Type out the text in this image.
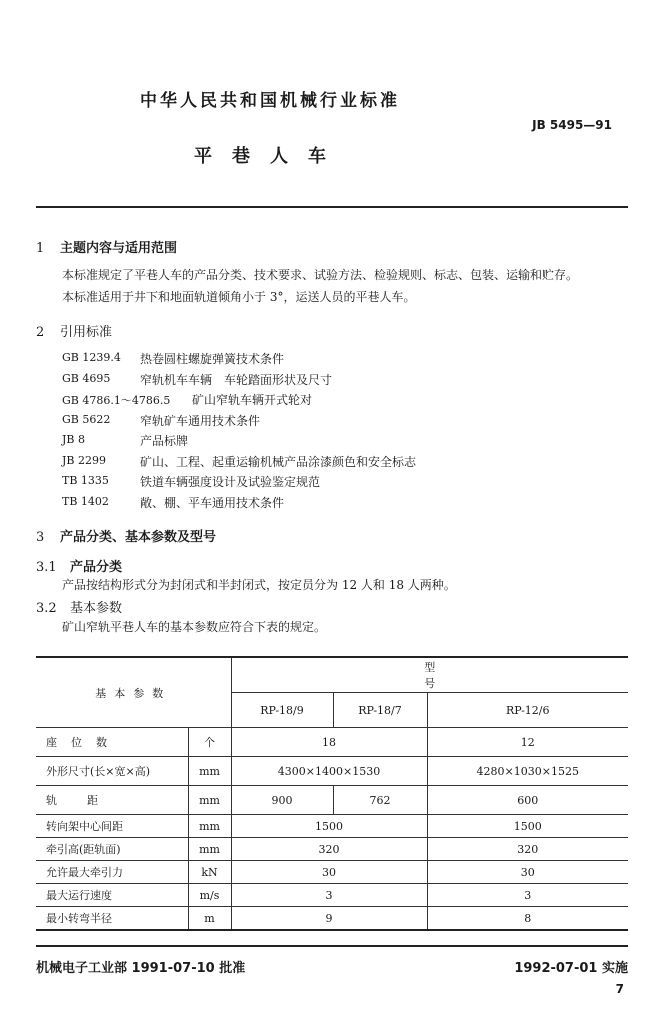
中华人民共和国机械行业标准
JB 5495—91
平巷人车
1 主题内容与适用范围
本标准规定了平巷人车的产品分类、技术要求、试验方法、检验规则、标志、包装、运输和贮存。
本标准适用于井下和地面轨道倾角小于 3°，运送人员的平巷人车。
2 引用标准
GB 1239.4 热卷圆柱螺旋弹簧技术条件
GB 4695 窄轨机车车辆　车轮踏面形状及尺寸
GB 4786.1～4786.5 矿山窄轨车辆开式轮对
GB 5622 窄轨矿车通用技术条件
JB 8	产品标牌
JB 2299	矿山、工程、起重运输机械产品涂漆颜色和安全标志
TB 1335	铁道车辆强度设计及试验鉴定规范
TB 1402	敞、棚、平车通用技术条件
3 产品分类、基本参数及型号
3.1 产品分类
产品按结构形式分为封闭式和半封闭式，按定员分为 12 人和 18 人两种。
3.2 基本参数
矿山窄轨平巷人车的基本参数应符合下表的规定。
基本参数		型号		
		RP-18/9	RP-18/7	RP-12/6
座位数	个	18		12
外形尺寸(长×宽×高)	mm	4300×1400×1530		4280×1030×1525
轨距	mm	900	762	600
转向架中心间距	mm	1500		1500
牵引高(距轨面)	mm	320		320
允许最大牵引力	kN	30		30
最大运行速度	m/s	3		3
最小转弯半径	m	9		8
机械电子工业部 1991-07-10 批准	1992-07-01 实施
7
